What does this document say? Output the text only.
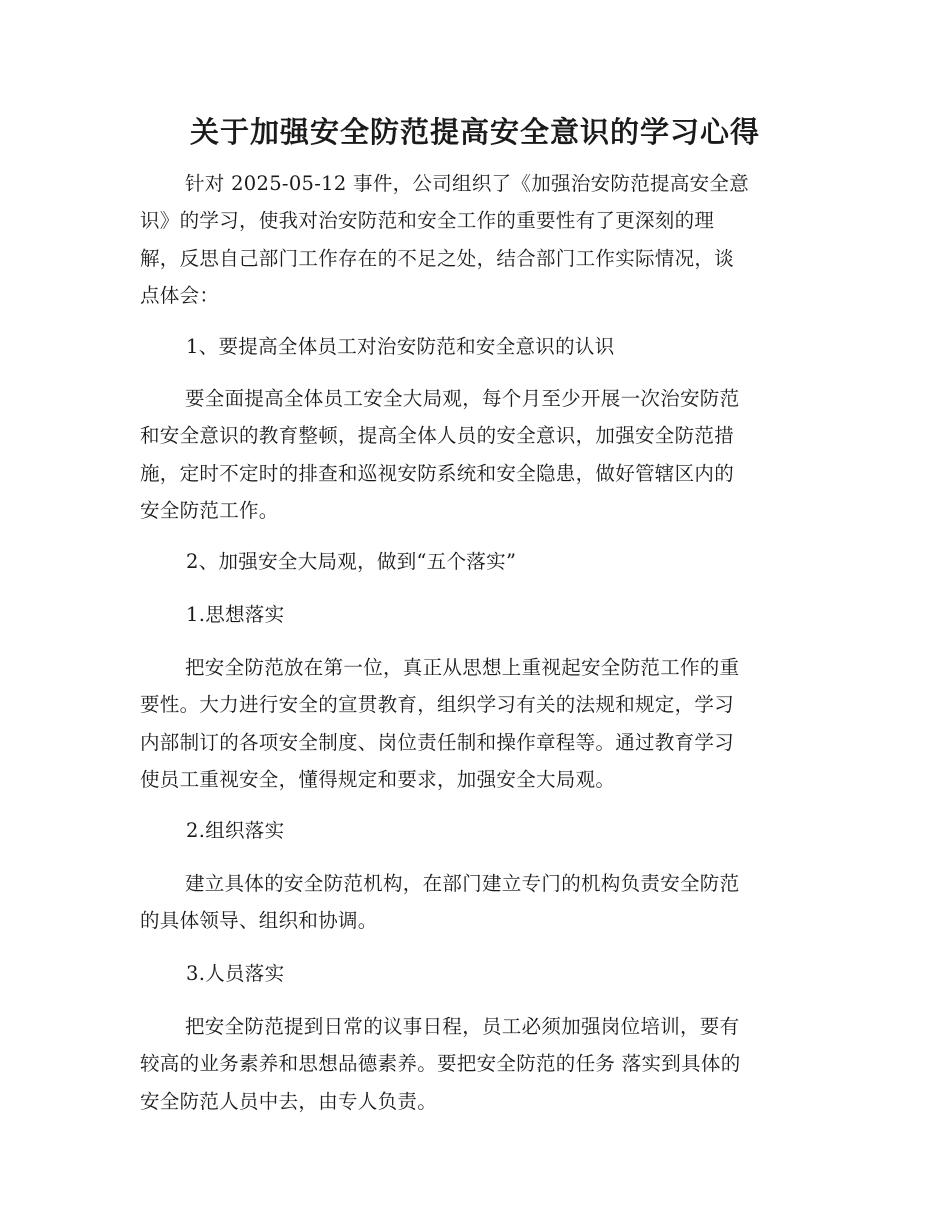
关于加强安全防范提高安全意识的学习心得
针对 2025-05-12 事件，公司组织了《加强治安防范提高安全意
识》的学习，使我对治安防范和安全工作的重要性有了更深刻的理
解，反思自己部门工作存在的不足之处，结合部门工作实际情况，谈
点体会：
1、要提高全体员工对治安防范和安全意识的认识
要全面提高全体员工安全大局观，每个月至少开展一次治安防范
和安全意识的教育整顿，提高全体人员的安全意识，加强安全防范措
施，定时不定时的排查和巡视安防系统和安全隐患，做好管辖区内的
安全防范工作。
2、加强安全大局观，做到“五个落实”
1.思想落实
把安全防范放在第一位，真正从思想上重视起安全防范工作的重
要性。大力进行安全的宣贯教育，组织学习有关的法规和规定，学习
内部制订的各项安全制度、岗位责任制和操作章程等。通过教育学习
使员工重视安全，懂得规定和要求，加强安全大局观。
2.组织落实
建立具体的安全防范机构，在部门建立专门的机构负责安全防范
的具体领导、组织和协调。
3.人员落实
把安全防范提到日常的议事日程，员工必须加强岗位培训，要有
较高的业务素养和思想品德素养。要把安全防范的任务 落实到具体的
安全防范人员中去，由专人负责。
